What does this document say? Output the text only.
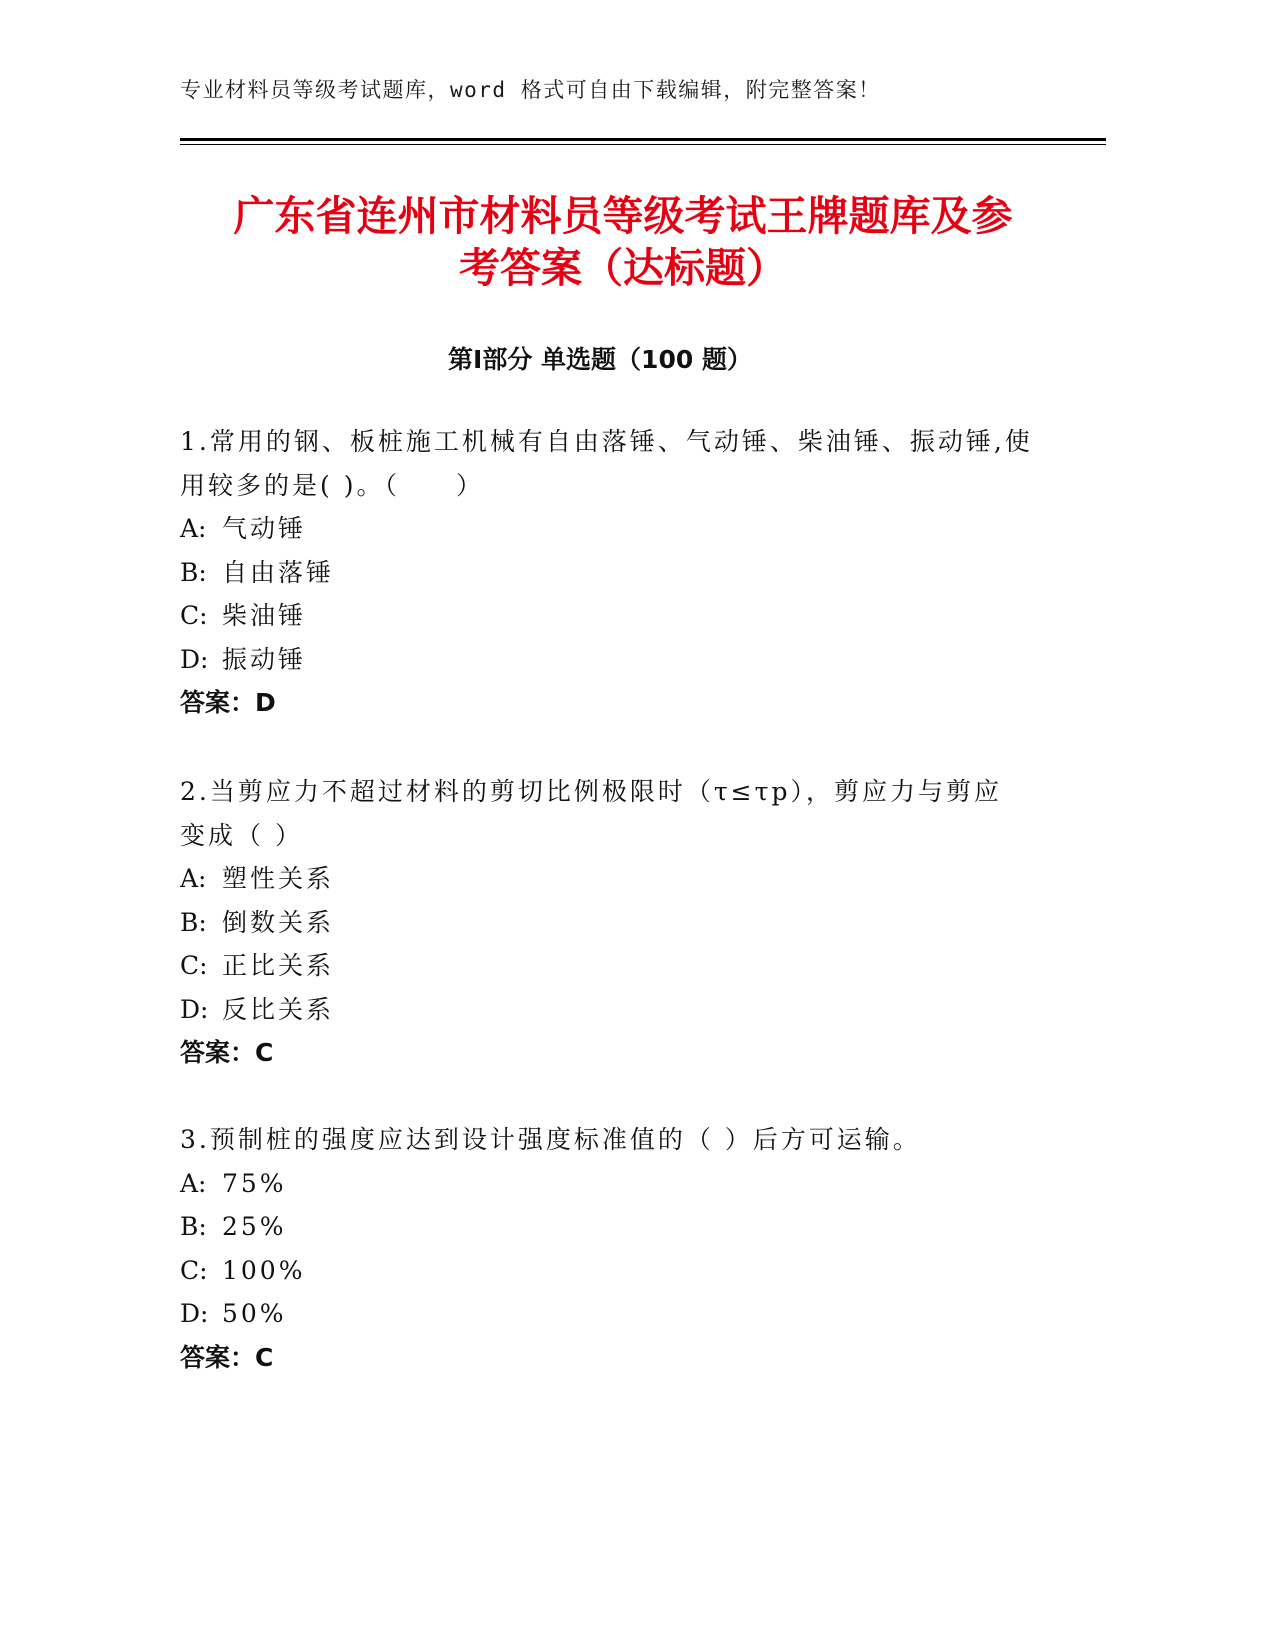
专业材料员等级考试题库，word 格式可自由下载编辑，附完整答案！
广东省连州市材料员等级考试王牌题库及参
考答案（达标题）
第Ⅰ部分 单选题（100 题）
1.常用的钢、板桩施工机械有自由落锤、气动锤、柴油锤、振动锤,使
用较多的是( )。（　　）
A: 气动锤
B: 自由落锤
C: 柴油锤
D: 振动锤
答案：D
2.当剪应力不超过材料的剪切比例极限时（τ≤τp），剪应力与剪应
变成（ ）
A: 塑性关系
B: 倒数关系
C: 正比关系
D: 反比关系
答案：C
3.预制桩的强度应达到设计强度标准值的（ ）后方可运输。
A: 75%
B: 25%
C: 100%
D: 50%
答案：C
